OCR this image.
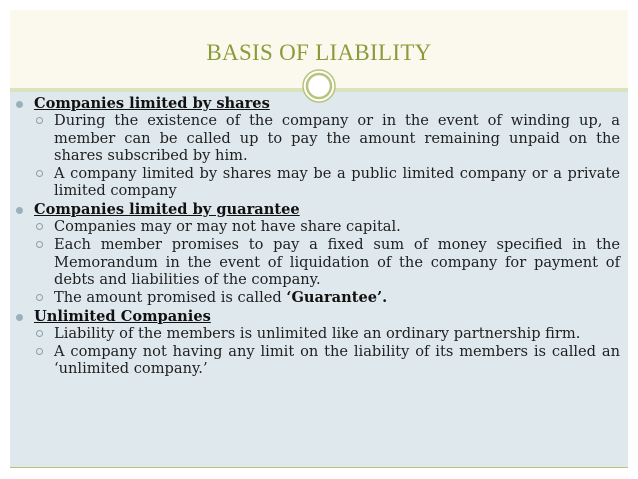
BASIS OF LIABILITY

Companies limited by shares

During the existence of the company or in the event of winding up, a member can be called up to pay the amount remaining unpaid on the shares subscribed by him.

A company limited by shares may be a public limited company or a private limited company

Companies limited by guarantee

Companies may or may not have share capital.

Each member promises to pay a fixed sum of money specified in the Memorandum in the event of liquidation of the company for payment of debts and liabilities of the company.

The amount promised is called ‘Guarantee’.

Unlimited Companies

Liability of the members is unlimited like an ordinary partnership firm.

A company not having any limit on the liability of its members is called an ‘unlimited company.’
